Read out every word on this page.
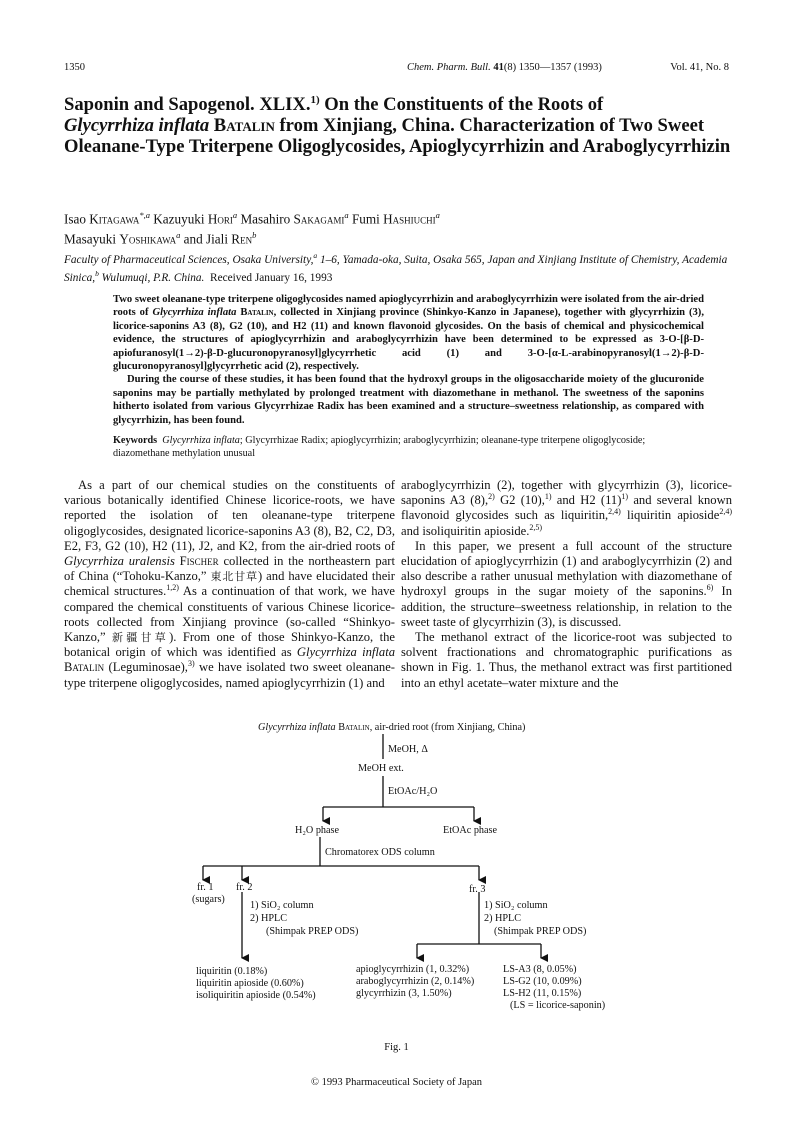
1350	Chem. Pharm. Bull. 41(8) 1350—1357 (1993)	Vol. 41, No. 8
Saponin and Sapogenol. XLIX.$^{1)}$ On the Constituents of the Roots of
Glycyrrhiza inflata Batalin from Xinjiang, China. Characterization of Two Sweet Oleanane-Type Triterpene Oligoglycosides, Apioglycyrrhizin and Araboglycyrrhizin
Isao Kitagawa$^{*,a}$ Kazuyuki Hori$^a$ Masahiro Sakagami$^a$ Fumi Hashiuchi$^a$
Masayuki Yoshikawa$^a$ and Jiali Ren$^b$
Faculty of Pharmaceutical Sciences, Osaka University,$^a$ 1–6, Yamada-oka, Suita, Osaka 565, Japan and Xinjiang Institute of Chemistry, Academia Sinica,$^b$ Wulumuqi, P.R. China. Received January 16, 1993

Two sweet oleanane-type triterpene oligoglycosides named apioglycyrrhizin and araboglycyrrhizin were isolated from the air-dried roots of Glycyrrhiza inflata Batalin, collected in Xinjiang province (Shinkyo-Kanzo in Japanese), together with glycyrrhizin (3), licorice-saponins A3 (8), G2 (10), and H2 (11) and known flavonoid glycosides. On the basis of chemical and physicochemical evidence, the structures of apioglycyrrhizin and araboglycyrrhizin have been determined to be expressed as 3-O-[β-D-apiofuranosyl(1→2)-β-D-glucuronopyranosyl]glycyrrhetic acid (1) and 3-O-[α-L-arabinopyranosyl(1→2)-β-D-glucuronopyranosyl]glycyrrhetic acid (2), respectively.

During the course of these studies, it has been found that the hydroxyl groups in the oligosaccharide moiety of the glucuronide saponins may be partially methylated by prolonged treatment with diazomethane in methanol. The sweetness of the saponins hitherto isolated from various Glycyrrhizae Radix has been examined and a structure–sweetness relationship, as compared with glycyrrhizin, has been found.

Keywords Glycyrrhiza inflata; Glycyrrhizae Radix; apioglycyrrhizin; araboglycyrrhizin; oleanane-type triterpene oligoglycoside; diazomethane methylation unusual

As a part of our chemical studies on the constituents of various botanically identified Chinese licorice-roots, we have reported the isolation of ten oleanane-type triterpene oligoglycosides, designated licorice-saponins A3 (8), B2, C2, D3, E2, F3, G2 (10), H2 (11), J2, and K2, from the air-dried roots of Glycyrrhiza uralensis Fischer collected in the northeastern part of China (“Tohoku-Kanzo,” 東北甘草) and have elucidated their chemical structures.$^{1,2)}$ As a continuation of that work, we have compared the chemical constituents of various Chinese licorice-roots collected from Xinjiang province (so-called “Shinkyo-Kanzo,” 新疆甘草). From one of those Shinkyo-Kanzo, the botanical origin of which was identified as Glycyrrhiza inflata Batalin (Leguminosae),$^{3)}$ we have isolated two sweet oleanane-type triterpene oligoglycosides, named apioglycyrrhizin (1) and

araboglycyrrhizin (2), together with glycyrrhizin (3), licorice-saponins A3 (8),$^{2)}$ G2 (10),$^{1)}$ and H2 $(11)^{1)}$ and several known flavonoid glycosides such as liquiritin,$^{2,4)}$ liquiritin apioside$^{2,4)}$ and isoliquiritin apioside.$^{2,5)}$

In this paper, we present a full account of the structure elucidation of apioglycyrrhizin (1) and araboglycyrrhizin (2) and also describe a rather unusual methylation with diazomethane of hydroxyl groups in the sugar moiety of the saponins.$^{6)}$ In addition, the structure–sweetness relationship, in relation to the sweet taste of glycyrrhizin (3), is discussed.

The methanol extract of the licorice-root was subjected to solvent fractionations and chromatographic purifications as shown in Fig. 1. Thus, the methanol extract was first partitioned into an ethyl acetate–water mixture and the

Glycyrrhiza inflata Batalin, air-dried root (from Xinjiang, China)
MeOH, Δ
MeOH ext.
EtOAc/H₂O
H₂O phase	EtOAc phase
Chromatorex ODS column
fr. 1
(sugars)
fr. 2	fr. 3
1) SiO₂ column
2) HPLC
(Shimpak PREP ODS)
1) SiO₂ column
2) HPLC
(Shimpak PREP ODS)
liquiritin (0.18%)
liquiritin apioside (0.60%)
isoliquiritin apioside (0.54%)
apioglycyrrhizin (1, 0.32%)
araboglycyrrhizin (2, 0.14%)
glycyrrhizin (3, 1.50%)
LS-A3 (8, 0.05%)
LS-G2 (10, 0.09%)
LS-H2 (11, 0.15%)
(LS = licorice-saponin)
Fig. 1
© 1993 Pharmaceutical Society of Japan
